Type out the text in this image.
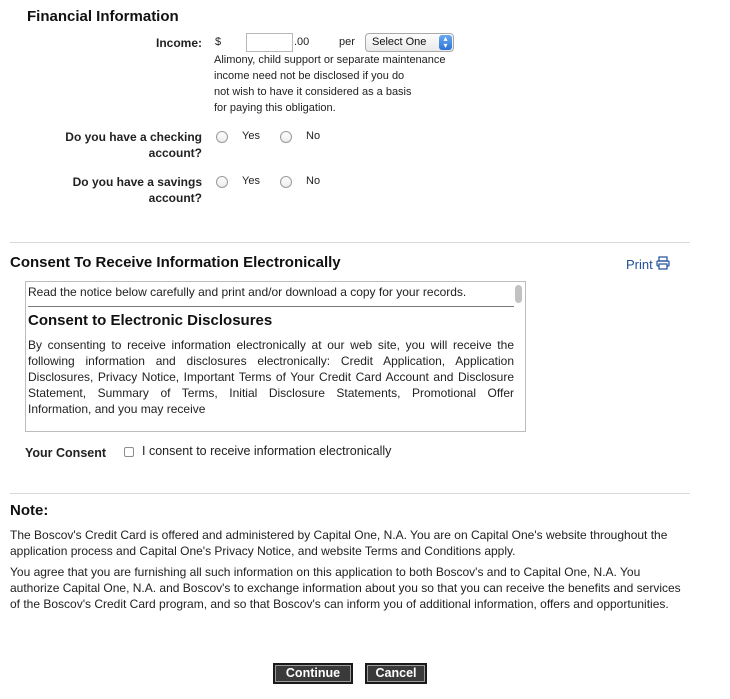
Financial Information
Income: $	.00	per	Select One	▴
▾
Alimony, child support or separate maintenance
income need not be disclosed if you do
not wish to have it considered as a basis
for paying this obligation.
Do you have a checking
account?
Yes	No
Do you have a savings
account?
Yes	No
Consent To Receive Information Electronically	Print
Read the notice below carefully and print and/or download a copy for your records.
Consent to Electronic Disclosures
By consenting to receive information electronically at our web site, you will receive the following information and disclosures electronically: Credit Application, Application Disclosures, Privacy Notice, Important Terms of Your Credit Card Account and Disclosure Statement, Summary of Terms, Initial Disclosure Statements, Promotional Offer Information, and you may receive
Your Consent	I consent to receive information electronically
Note:
The Boscov's Credit Card is offered and administered by Capital One, N.A. You are on Capital One's website throughout the application process and Capital One's Privacy Notice, and website Terms and Conditions apply.
You agree that you are furnishing all such information on this application to both Boscov's and to Capital One, N.A. You authorize Capital One, N.A. and Boscov's to exchange information about you so that you can receive the benefits and services of the Boscov's Credit Card program, and so that Boscov's can inform you of additional information, offers and opportunities.
Continue	Cancel
